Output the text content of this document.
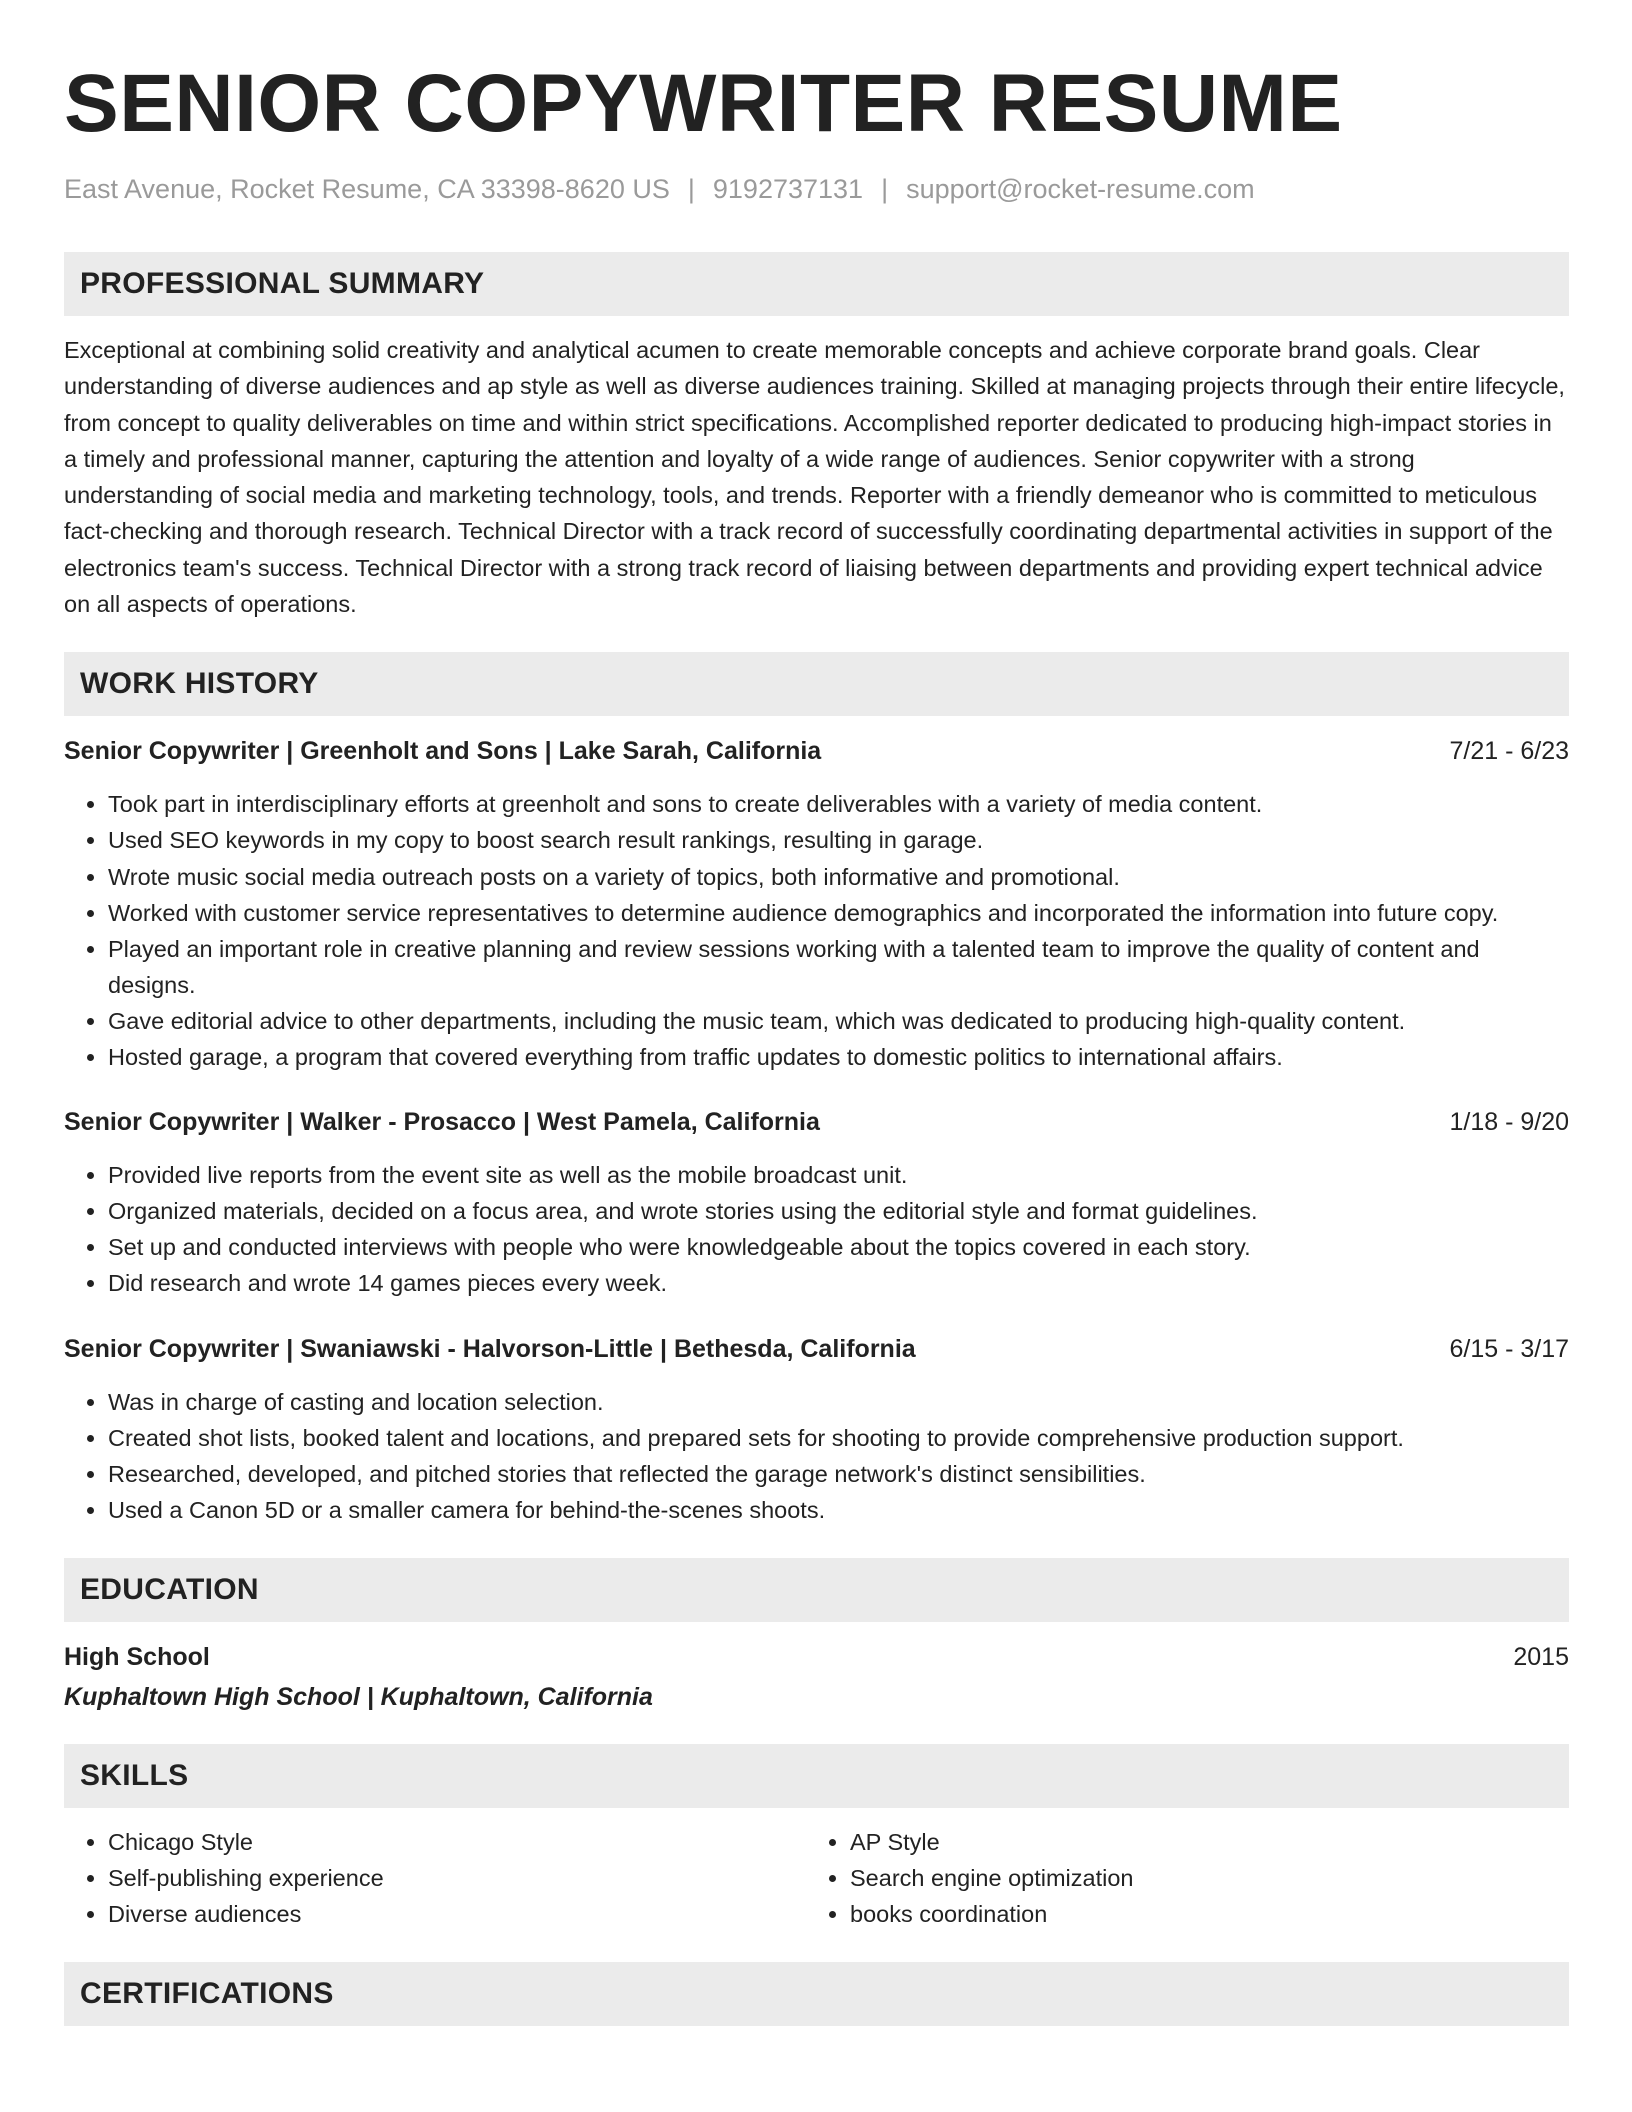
SENIOR COPYWRITER RESUME
East Avenue, Rocket Resume, CA 33398-8620 US | 9192737131 | support@rocket-resume.com
PROFESSIONAL SUMMARY
Exceptional at combining solid creativity and analytical acumen to create memorable concepts and achieve corporate brand goals. Clear understanding of diverse audiences and ap style as well as diverse audiences training. Skilled at managing projects through their entire lifecycle, from concept to quality deliverables on time and within strict specifications. Accomplished reporter dedicated to producing high-impact stories in a timely and professional manner, capturing the attention and loyalty of a wide range of audiences. Senior copywriter with a strong understanding of social media and marketing technology, tools, and trends. Reporter with a friendly demeanor who is committed to meticulous fact-checking and thorough research. Technical Director with a track record of successfully coordinating departmental activities in support of the electronics team's success. Technical Director with a strong track record of liaising between departments and providing expert technical advice on all aspects of operations.
WORK HISTORY
Senior Copywriter | Greenholt and Sons | Lake Sarah, California	7/21 - 6/23
• Took part in interdisciplinary efforts at greenholt and sons to create deliverables with a variety of media content.
• Used SEO keywords in my copy to boost search result rankings, resulting in garage.
• Wrote music social media outreach posts on a variety of topics, both informative and promotional.
• Worked with customer service representatives to determine audience demographics and incorporated the information into future copy.
• Played an important role in creative planning and review sessions working with a talented team to improve the quality of content and designs.
• Gave editorial advice to other departments, including the music team, which was dedicated to producing high-quality content.
• Hosted garage, a program that covered everything from traffic updates to domestic politics to international affairs.
Senior Copywriter | Walker - Prosacco | West Pamela, California	1/18 - 9/20
• Provided live reports from the event site as well as the mobile broadcast unit.
• Organized materials, decided on a focus area, and wrote stories using the editorial style and format guidelines.
• Set up and conducted interviews with people who were knowledgeable about the topics covered in each story.
• Did research and wrote 14 games pieces every week.
Senior Copywriter | Swaniawski - Halvorson-Little | Bethesda, California	6/15 - 3/17
• Was in charge of casting and location selection.
• Created shot lists, booked talent and locations, and prepared sets for shooting to provide comprehensive production support.
• Researched, developed, and pitched stories that reflected the garage network's distinct sensibilities.
• Used a Canon 5D or a smaller camera for behind-the-scenes shoots.
EDUCATION
High School	2015
Kuphaltown High School | Kuphaltown, California
SKILLS
• Chicago Style
• Self-publishing experience
• Diverse audiences
• AP Style
• Search engine optimization
• books coordination
CERTIFICATIONS
